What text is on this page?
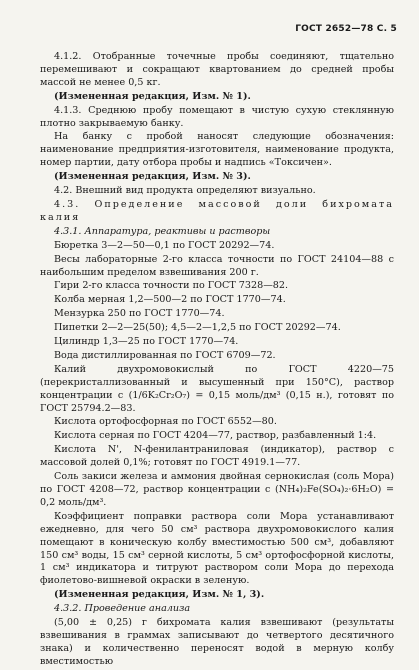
ГОСТ 2652—78 С. 5

4.1.2. Отобранные точечные пробы соединяют, тщательно перемешивают и сокращают квартованием до средней пробы массой не менее 0,5 кг.

(Измененная редакция, Изм. № 1).

4.1.3. Среднюю пробу помещают в чистую сухую стеклянную плотно закрываемую банку.

На банку с пробой наносят следующие обозначения: наименование предприятия-изготовителя, наименование продукта, номер партии, дату отбора пробы и надпись «Токсичен».

(Измененная редакция, Изм. № 3).

4.2. Внешний вид продукта определяют визуально.

4.3. Определение массовой доли бихромата калия

4.3.1. Аппаратура, реактивы и растворы

Бюретка 3—2—50—0,1 по ГОСТ 20292—74.

Весы лабораторные 2-го класса точности по ГОСТ 24104—88 с наибольшим пределом взвешивания 200 г.

Гири 2-го класса точности по ГОСТ 7328—82.

Колба мерная 1,2—500—2 по ГОСТ 1770—74.

Мензурка 250 по ГОСТ 1770—74.

Пипетки 2—2—25(50); 4,5—2—1,2,5 по ГОСТ 20292—74.

Цилиндр 1,3—25 по ГОСТ 1770—74.

Вода дистиллированная по ГОСТ 6709—72.

Калий двухромовокислый по ГОСТ 4220—75 (перекристаллизованный и высушенный при 150°С), раствор концентрации с (1/6K₂Cr₂O₇) = 0,15 моль/дм³ (0,15 н.), готовят по ГОСТ 25794.2—83.

Кислота ортофосфорная по ГОСТ 6552—80.

Кислота серная по ГОСТ 4204—77, раствор, разбавленный 1:4.

Кислота N', N-фенилантраниловая (индикатор), раствор с массовой долей 0,1%; готовят по ГОСТ 4919.1—77.

Соль закиси железа и аммония двойная сернокислая (соль Мора) по ГОСТ 4208—72, раствор концентрации с (NH₄)₂Fe(SO₄)₂·6H₂O) = 0,2 моль/дм³.

Коэффициент поправки раствора соли Мора устанавливают ежедневно, для чего 50 см³ раствора двухромовокислого калия помещают в коническую колбу вместимостью 500 см³, добавляют 150 см³ воды, 15 см³ серной кислоты, 5 см³ ортофосфорной кислоты, 1 см³ индикатора и титруют раствором соли Мора до перехода фиолетово-вишневой окраски в зеленую.

(Измененная редакция, Изм. № 1, 3).

4.3.2. Проведение анализа

(5,00 ± 0,25) г бихромата калия взвешивают (результаты взвешивания в граммах записывают до четвертого десятичного знака) и количественно переносят водой в мерную колбу вместимостью
